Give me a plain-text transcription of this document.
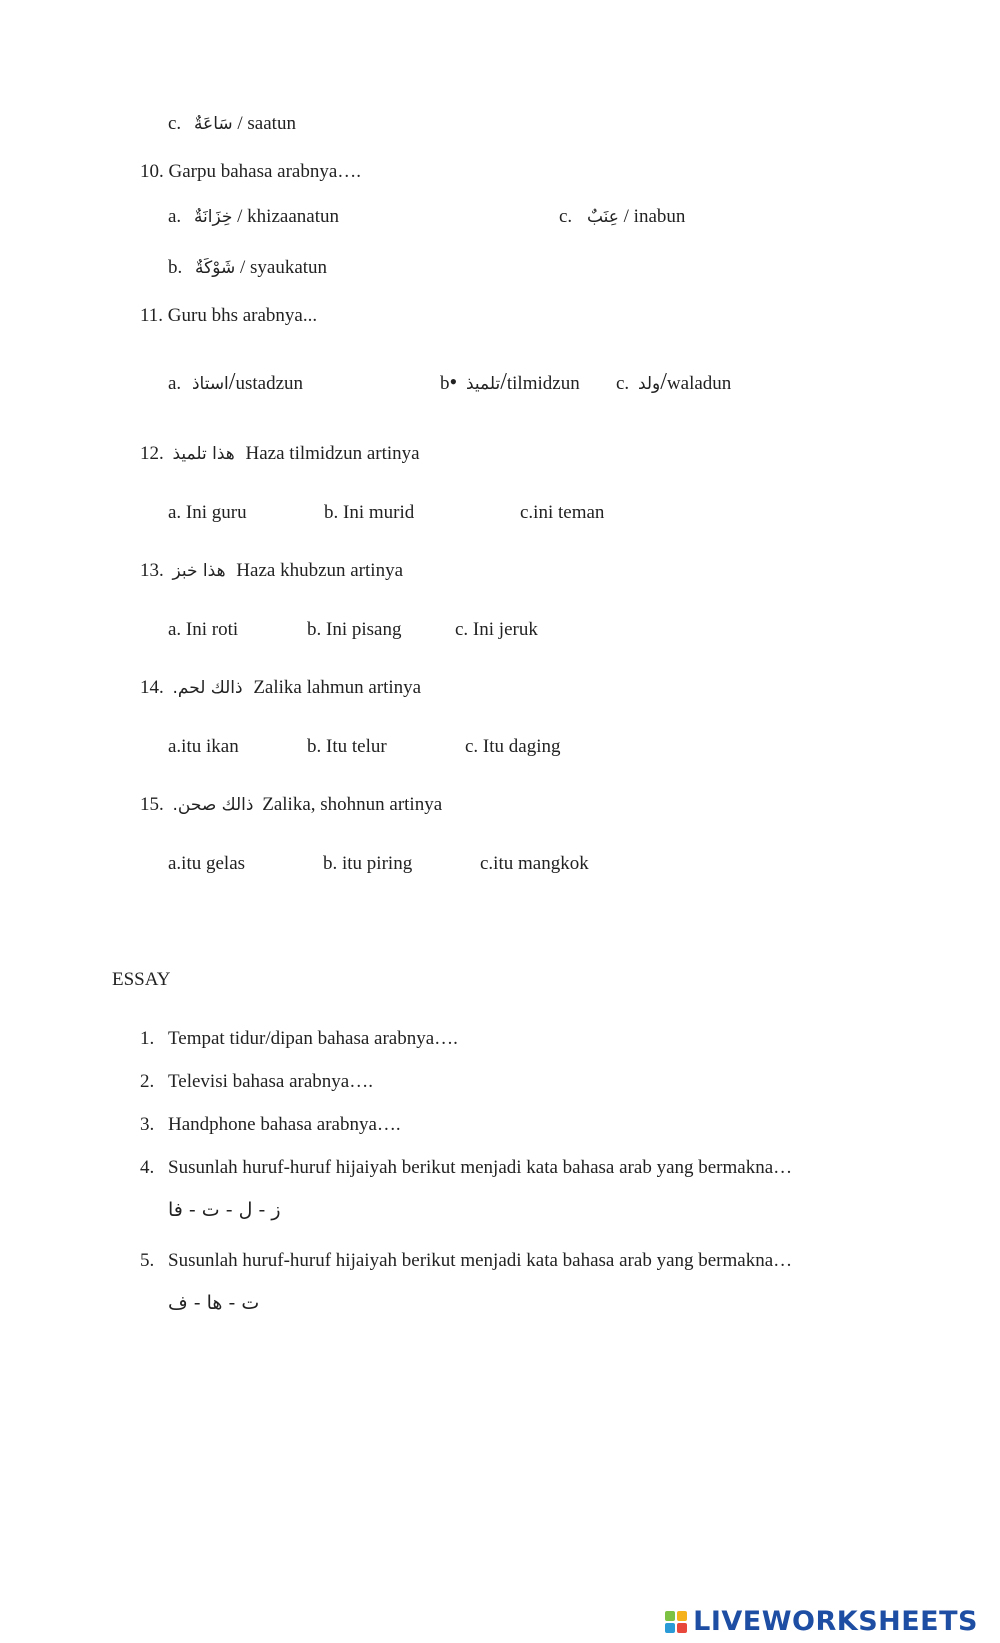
c. سَاعَةٌ / saatun
10. Garpu bahasa arabnya….
a. خِزَانَةٌ / khizaanatun	c. عِنَبٌ / inabun
b. شَوْكَةٌ / syaukatun
11. Guru bhs arabnya...
a. استاذ/ustadzun	b• تلميذ/tilmidzun c. ولد/waladun
12. هذا تلميذ Haza tilmidzun artinya
a. Ini guru	b. Ini murid	c.ini teman
13. هذا خبز Haza khubzun artinya
a. Ini roti	b. Ini pisang	c. Ini jeruk
14. ذالك لحم. Zalika lahmun artinya
a.itu ikan	b. Itu telur	c. Itu daging
15. ذالك صحن. Zalika, shohnun artinya
a.itu gelas	b. itu piring	c.itu mangkok
ESSAY
1. Tempat tidur/dipan bahasa arabnya….
2. Televisi bahasa arabnya….
3. Handphone bahasa arabnya….
4. Susunlah huruf-huruf hijaiyah berikut menjadi kata bahasa arab yang bermakna…
ز - ل - ت - فا
5. Susunlah huruf-huruf hijaiyah berikut menjadi kata bahasa arab yang bermakna…
ت - ها - ف
LIVEWORKSHEETS
